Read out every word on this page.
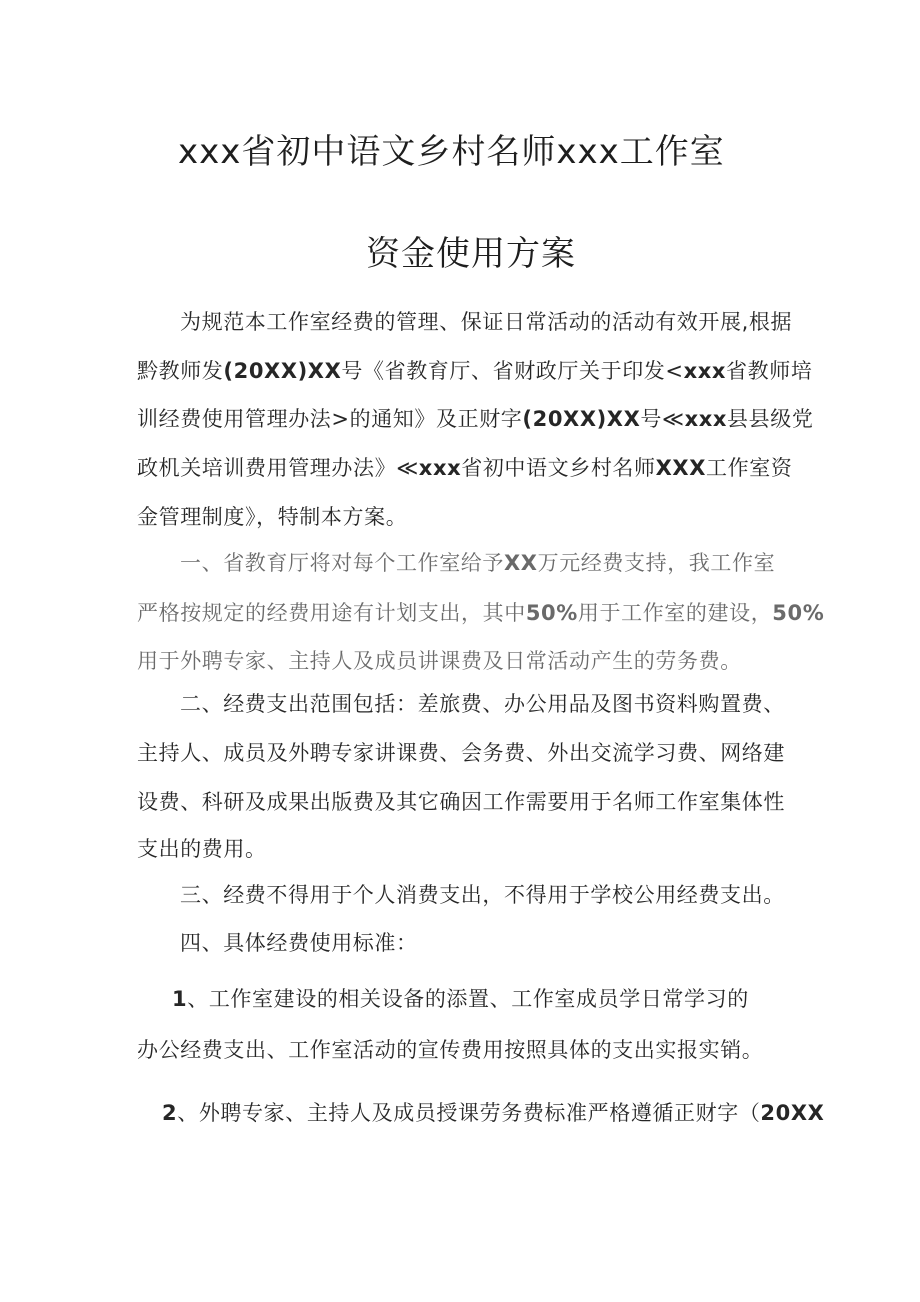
xxx省初中语文乡村名师xxx工作室
资金使用方案
为规范本工作室经费的管理、保证日常活动的活动有效开展,根据
黔教师发(20XX)XX号《省教育厅、省财政厅关于印发<xxx省教师培
训经费使用管理办法>的通知》及正财字(20XX)XX号≪xxx县县级党
政机关培训费用管理办法》≪xxx省初中语文乡村名师XXX工作室资
金管理制度》，特制本方案。
一、省教育厅将对每个工作室给予XX万元经费支持，我工作室
严格按规定的经费用途有计划支出，其中50%用于工作室的建设，50%
用于外聘专家、主持人及成员讲课费及日常活动产生的劳务费。
二、经费支出范围包括：差旅费、办公用品及图书资料购置费、
主持人、成员及外聘专家讲课费、会务费、外出交流学习费、网络建
设费、科研及成果出版费及其它确因工作需要用于名师工作室集体性
支出的费用。
三、经费不得用于个人消费支出，不得用于学校公用经费支出。
四、具体经费使用标准：
1、工作室建设的相关设备的添置、工作室成员学日常学习的
办公经费支出、工作室活动的宣传费用按照具体的支出实报实销。
2、外聘专家、主持人及成员授课劳务费标准严格遵循正财字（20XX
